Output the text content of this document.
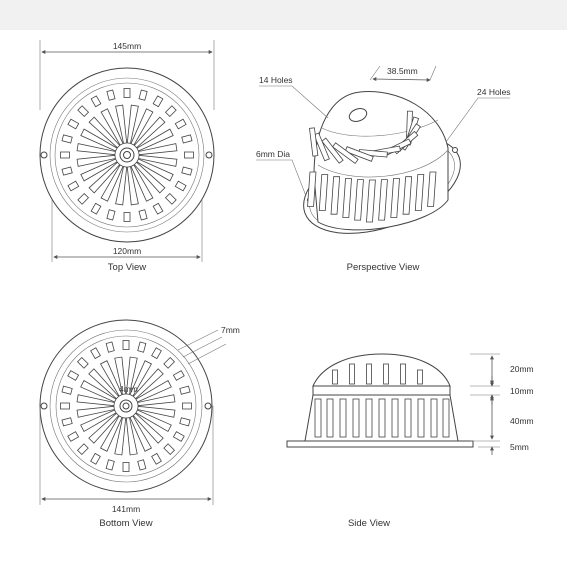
145mm
120mm
Top View
14 Holes
38.5mm
24 Holes
6mm Dia
Perspective View
4mm
7mm
141mm
Bottom View
20mm
10mm
40mm
5mm
Side View
